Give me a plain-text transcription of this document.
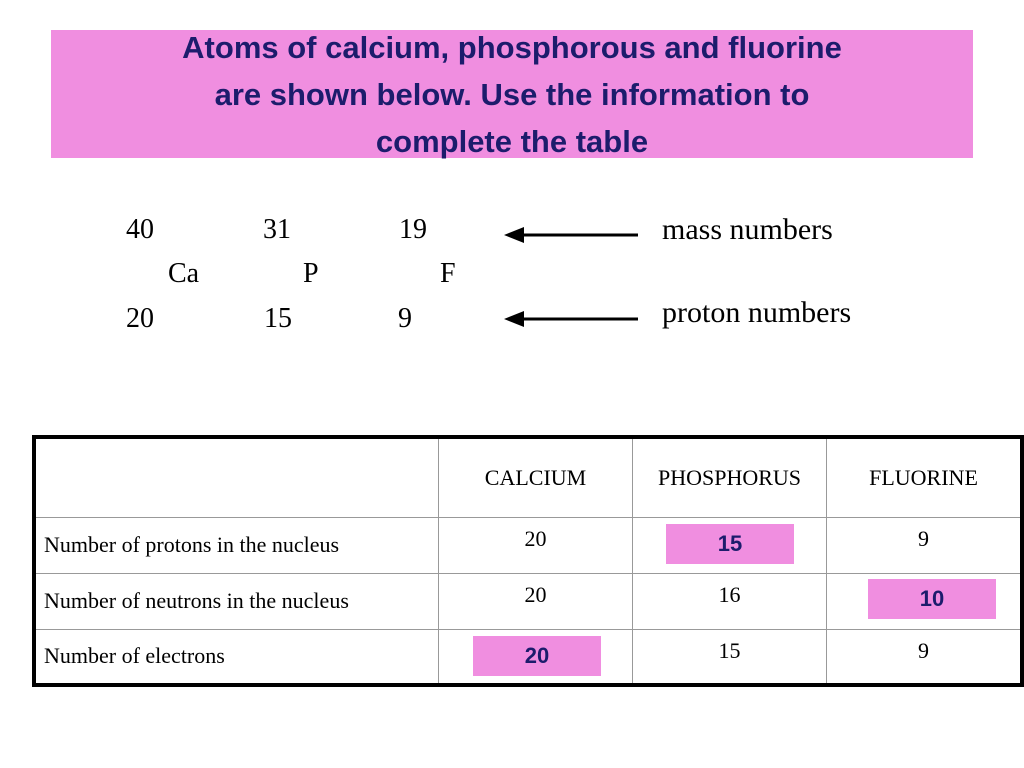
Atoms of calcium, phosphorous and fluorine
are shown below. Use the information to
complete the table
40	31	19
Ca	P	F
20	15	9
mass numbers
proton numbers
	CALCIUM	PHOSPHORUS	FLUORINE
Number of protons in the nucleus	20	15	9
Number of neutrons in the nucleus	20	16	10

Number of electrons	20	15	9
